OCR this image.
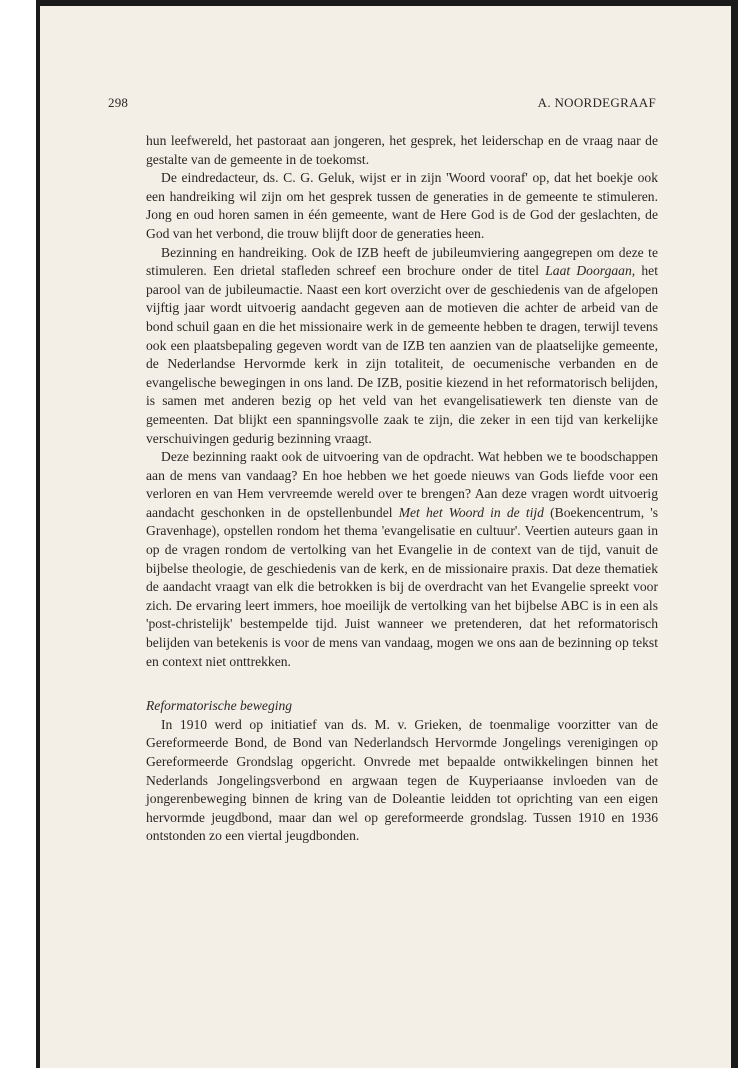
298	A. NOORDEGRAAF

hun leefwereld, het pastoraat aan jongeren, het gesprek, het leiderschap en de vraag naar de gestalte van de gemeente in de toekomst.

De eindredacteur, ds. C. G. Geluk, wijst er in zijn 'Woord vooraf' op, dat het boekje ook een handreiking wil zijn om het gesprek tussen de generaties in de gemeente te stimuleren. Jong en oud horen samen in één gemeente, want de Here God is de God der geslachten, de God van het verbond, die trouw blijft door de generaties heen.

Bezinning en handreiking. Ook de IZB heeft de jubileumviering aangegrepen om deze te stimuleren. Een drietal stafleden schreef een brochure onder de titel Laat Doorgaan, het parool van de jubileumactie. Naast een kort overzicht over de geschiedenis van de afgelopen vijftig jaar wordt uitvoerig aandacht gegeven aan de motieven die achter de arbeid van de bond schuil gaan en die het missionaire werk in de gemeente hebben te dragen, terwijl tevens ook een plaatsbepaling gegeven wordt van de IZB ten aanzien van de plaatselijke gemeente, de Nederlandse Hervormde kerk in zijn totaliteit, de oecumenische verbanden en de evangelische bewegingen in ons land. De IZB, positie kiezend in het reformatorisch belijden, is samen met anderen bezig op het veld van het evangelisatiewerk ten dienste van de gemeenten. Dat blijkt een spanningsvolle zaak te zijn, die zeker in een tijd van kerkelijke verschuivingen gedurig bezinning vraagt.

Deze bezinning raakt ook de uitvoering van de opdracht. Wat hebben we te boodschappen aan de mens van vandaag? En hoe hebben we het goede nieuws van Gods liefde voor een verloren en van Hem vervreemde wereld over te brengen? Aan deze vragen wordt uitvoerig aandacht geschonken in de opstellenbundel Met het Woord in de tijd (Boekencentrum, 's Gravenhage), opstellen rondom het thema 'evangelisatie en cultuur'. Veertien auteurs gaan in op de vragen rondom de vertolking van het Evangelie in de context van de tijd, vanuit de bijbelse theologie, de geschiedenis van de kerk, en de missionaire praxis. Dat deze thematiek de aandacht vraagt van elk die betrokken is bij de overdracht van het Evangelie spreekt voor zich. De ervaring leert immers, hoe moeilijk de vertolking van het bijbelse ABC is in een als 'post-christelijk' bestempelde tijd. Juist wanneer we pretenderen, dat het reformatorisch belijden van betekenis is voor de mens van vandaag, mogen we ons aan de bezinning op tekst en context niet onttrekken.

Reformatorische beweging

In 1910 werd op initiatief van ds. M. v. Grieken, de toenmalige voorzitter van de Gereformeerde Bond, de Bond van Nederlandsch Hervormde Jongelings verenigingen op Gereformeerde Grondslag opgericht. Onvrede met bepaalde ontwikkelingen binnen het Nederlands Jongelingsverbond en argwaan tegen de Kuyperiaanse invloeden van de jongerenbeweging binnen de kring van de Doleantie leidden tot oprichting van een eigen hervormde jeugdbond, maar dan wel op gereformeerde grondslag. Tussen 1910 en 1936 ontstonden zo een viertal jeugdbonden.
